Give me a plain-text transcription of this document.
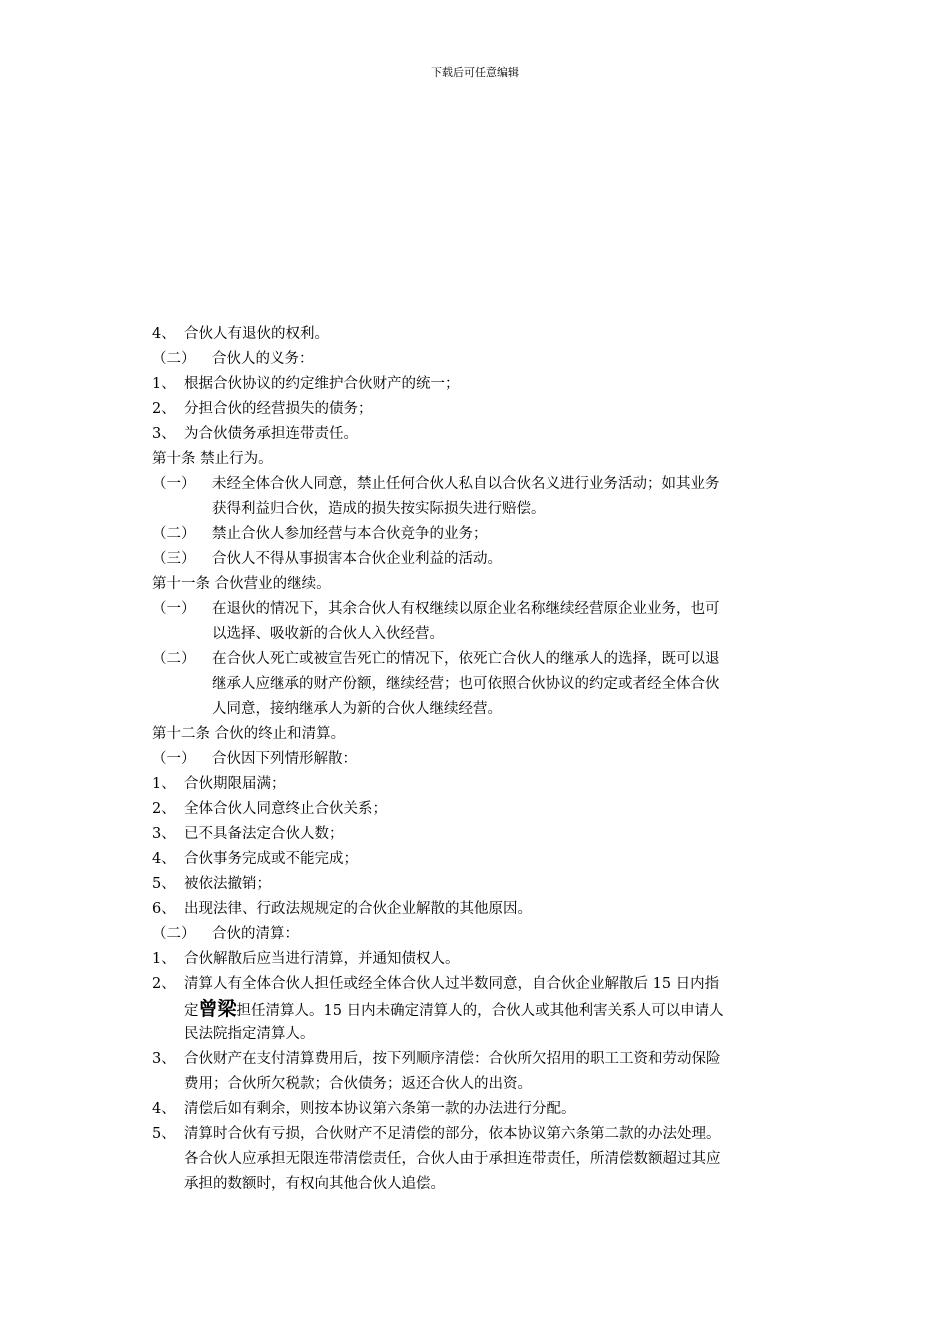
下载后可任意编辑
4、 合伙人有退伙的权利。
（二）	合伙人的义务：
1、 根据合伙协议的约定维护合伙财产的统一；
2、 分担合伙的经营损失的债务；
3、 为合伙债务承担连带责任。
第十条 禁止行为。
（一）	未经全体合伙人同意，禁止任何合伙人私自以合伙名义进行业务活动；如其业务
获得利益归合伙，造成的损失按实际损失进行赔偿。
（二）	禁止合伙人参加经营与本合伙竞争的业务；
（三）	合伙人不得从事损害本合伙企业利益的活动。
第十一条 合伙营业的继续。
（一）	在退伙的情况下，其余合伙人有权继续以原企业名称继续经营原企业业务，也可
以选择、吸收新的合伙人入伙经营。
（二）	在合伙人死亡或被宣告死亡的情况下，依死亡合伙人的继承人的选择，既可以退
继承人应继承的财产份额，继续经营；也可依照合伙协议的约定或者经全体合伙
人同意，接纳继承人为新的合伙人继续经营。
第十二条 合伙的终止和清算。
（一）	合伙因下列情形解散：
1、 合伙期限届满；
2、 全体合伙人同意终止合伙关系；
3、 已不具备法定合伙人数；
4、 合伙事务完成或不能完成；
5、 被依法撤销；
6、 出现法律、行政法规规定的合伙企业解散的其他原因。
（二）	合伙的清算：
1、 合伙解散后应当进行清算，并通知债权人。
2、 清算人有全体合伙人担任或经全体合伙人过半数同意，自合伙企业解散后 15 日内指
定曾梁担任清算人。15 日内未确定清算人的，合伙人或其他利害关系人可以申请人
民法院指定清算人。
3、 合伙财产在支付清算费用后，按下列顺序清偿：合伙所欠招用的职工工资和劳动保险
费用；合伙所欠税款；合伙债务；返还合伙人的出资。
4、 清偿后如有剩余，则按本协议第六条第一款的办法进行分配。
5、 清算时合伙有亏损，合伙财产不足清偿的部分，依本协议第六条第二款的办法处理。
各合伙人应承担无限连带清偿责任，合伙人由于承担连带责任，所清偿数额超过其应
承担的数额时，有权向其他合伙人追偿。
